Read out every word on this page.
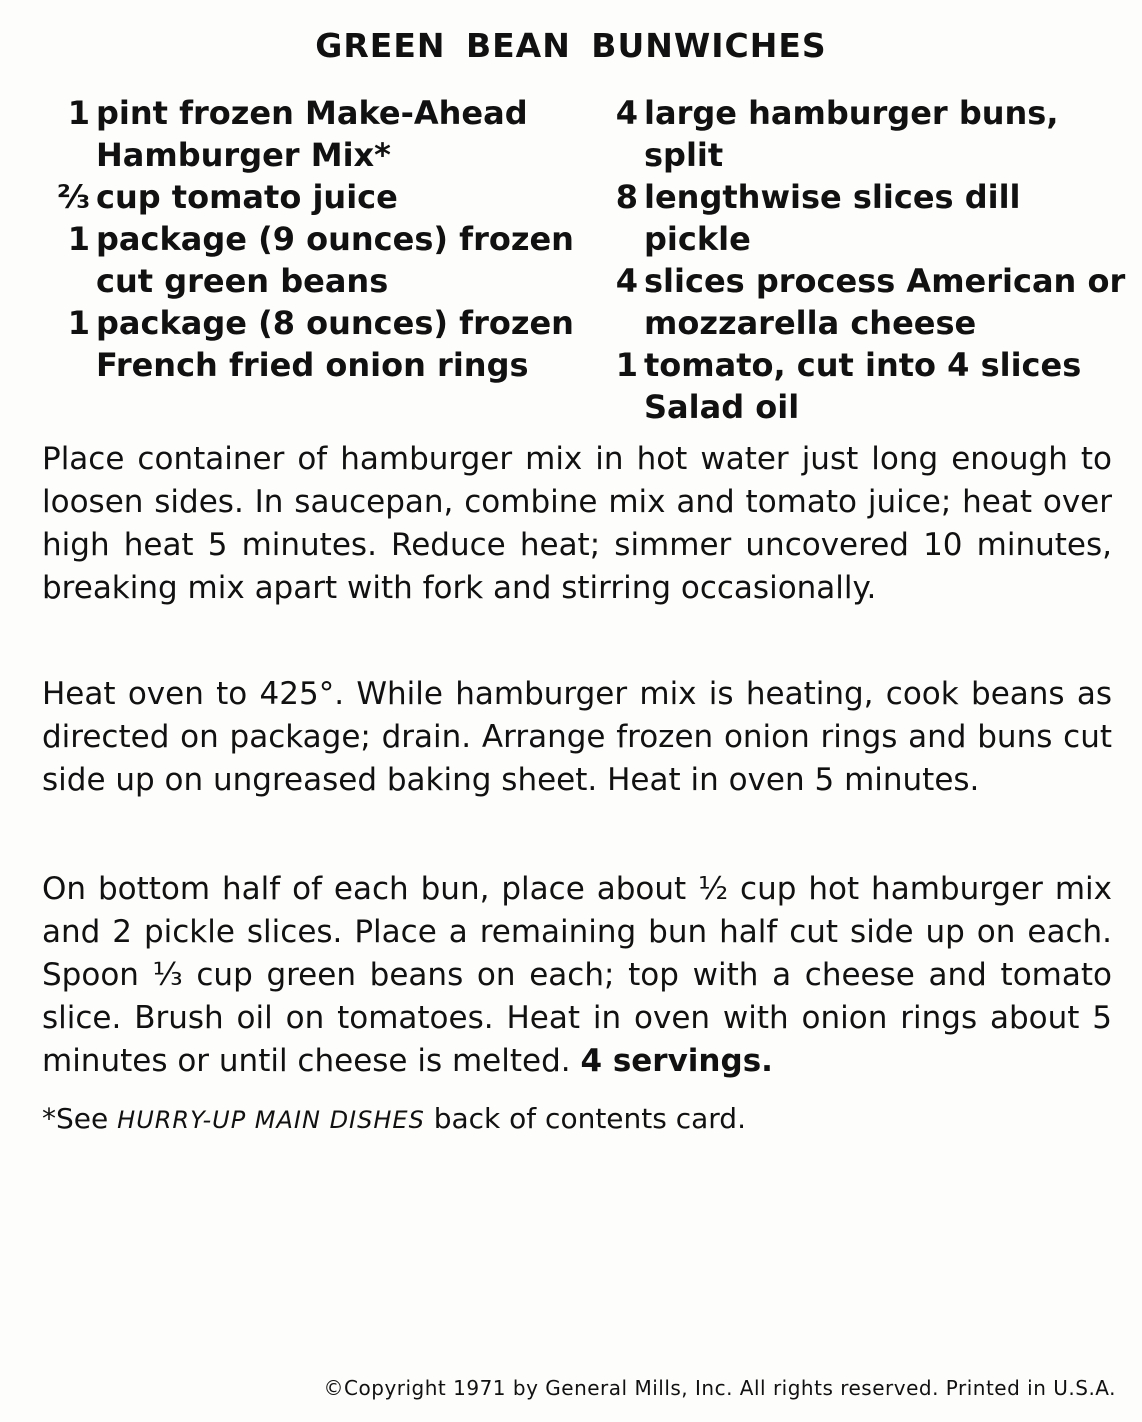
GREEN BEAN BUNWICHES
1 pint frozen Make-Ahead Hamburger Mix*
⅔ cup tomato juice
1 package (9 ounces) frozen cut green beans
1 package (8 ounces) frozen French fried onion rings
4 large hamburger buns, split
8 lengthwise slices dill pickle
4 slices process American or mozzarella cheese
1 tomato, cut into 4 slices
Salad oil
Place container of hamburger mix in hot water just long enough to loosen sides. In saucepan, combine mix and tomato juice; heat over high heat 5 minutes. Reduce heat; simmer uncovered 10 minutes, breaking mix apart with fork and stirring occasionally.
Heat oven to 425°. While hamburger mix is heating, cook beans as directed on package; drain. Arrange frozen onion rings and buns cut side up on ungreased baking sheet. Heat in oven 5 minutes.
On bottom half of each bun, place about ½ cup hot hamburger mix and 2 pickle slices. Place a remaining bun half cut side up on each. Spoon ⅓ cup green beans on each; top with a cheese and tomato slice. Brush oil on tomatoes. Heat in oven with onion rings about 5 minutes or until cheese is melted. 4 servings.
*See HURRY-UP MAIN DISHES back of contents card.
©Copyright 1971 by General Mills, Inc. All rights reserved. Printed in U.S.A.
